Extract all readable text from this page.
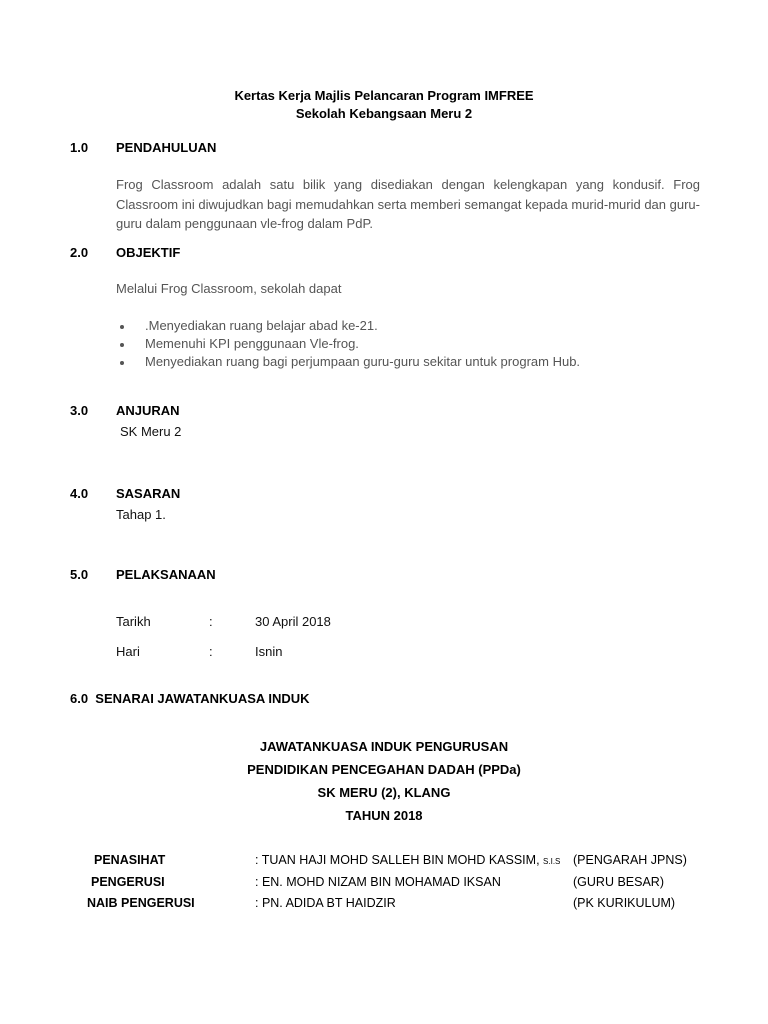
Kertas Kerja Majlis Pelancaran Program IMFREE
Sekolah Kebangsaan Meru 2
1.0 PENDAHULUAN
Frog Classroom adalah satu bilik yang disediakan dengan kelengkapan yang kondusif. Frog Classroom ini diwujudkan bagi memudahkan serta memberi semangat kepada murid-murid dan guru-guru dalam penggunaan vle-frog dalam PdP.
2.0 OBJEKTIF
Melalui Frog Classroom, sekolah dapat
.Menyediakan ruang belajar abad ke-21.
Memenuhi KPI penggunaan Vle-frog.
Menyediakan ruang bagi perjumpaan guru-guru sekitar untuk program Hub.
3.0 ANJURAN
SK Meru 2
4.0 SASARAN
Tahap 1.
5.0 PELAKSANAAN
Tarikh	:	30 April 2018
Hari	:	Isnin
6.0  SENARAI JAWATANKUASA INDUK
JAWATANKUASA INDUK PENGURUSAN
PENDIDIKAN PENCEGAHAN DADAH (PPDa)
SK MERU (2), KLANG
TAHUN 2018
PENASIHAT	: TUAN HAJI MOHD SALLEH BIN MOHD KASSIM, S.I.S (PENGARAH JPNS)
PENGERUSI	: EN. MOHD NIZAM BIN MOHAMAD IKSAN	(GURU BESAR)
NAIB PENGERUSI	: PN. ADIDA BT HAIDZIR	(PK KURIKULUM)
